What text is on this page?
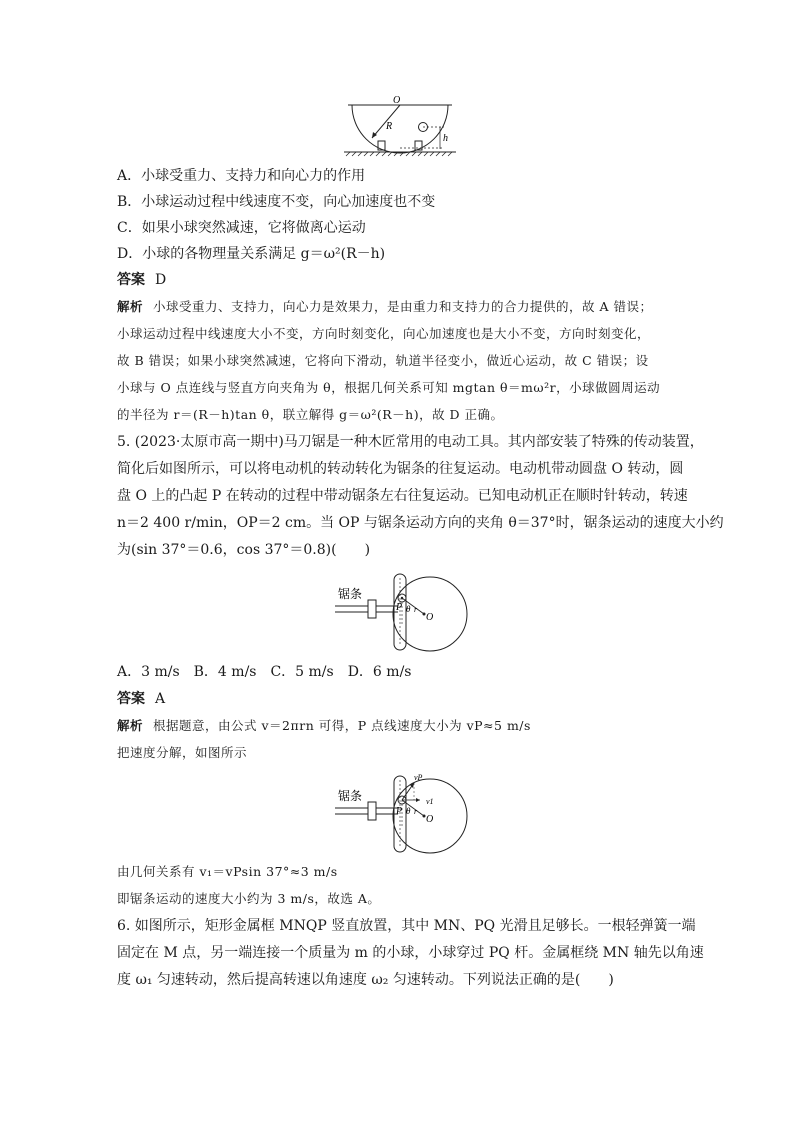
O
R
h
A．小球受重力、支持力和向心力的作用
B．小球运动过程中线速度不变，向心加速度也不变
C．如果小球突然减速，它将做离心运动
D．小球的各物理量关系满足 g＝ω²(R－h)
答案 D
解析 小球受重力、支持力，向心力是效果力，是由重力和支持力的合力提供的，故 A 错误；
小球运动过程中线速度大小不变，方向时刻变化，向心加速度也是大小不变，方向时刻变化，
故 B 错误；如果小球突然减速，它将向下滑动，轨道半径变小，做近心运动，故 C 错误；设
小球与 O 点连线与竖直方向夹角为 θ，根据几何关系可知 mgtan θ＝mω²r，小球做圆周运动
的半径为 r＝(R－h)tan θ，联立解得 g＝ω²(R－h)，故 D 正确。
5. (2023·太原市高一期中)马刀锯是一种木匠常用的电动工具。其内部安装了特殊的传动装置，
简化后如图所示，可以将电动机的转动转化为锯条的往复运动。电动机带动圆盘 O 转动，圆
盘 O 上的凸起 P 在转动的过程中带动锯条左右往复运动。已知电动机正在顺时针转动，转速
n＝2 400 r/min，OP＝2 cm。当 OP 与锯条运动方向的夹角 θ＝37°时，锯条运动的速度大小约
为(sin 37°＝0.6，cos 37°＝0.8)(　　)
锯条
P θ r
O
A．3 m/s　B．4 m/s　C．5 m/s　D．6 m/s
答案 A
解析 根据题意，由公式 v＝2πrn 可得，P 点线速度大小为 vP≈5 m/s
把速度分解，如图所示
锯条
vP
v1
P θ r
O
由几何关系有 v₁＝vPsin 37°≈3 m/s
即锯条运动的速度大小约为 3 m/s，故选 A。
6. 如图所示，矩形金属框 MNQP 竖直放置，其中 MN、PQ 光滑且足够长。一根轻弹簧一端
固定在 M 点，另一端连接一个质量为 m 的小球，小球穿过 PQ 杆。金属框绕 MN 轴先以角速
度 ω₁ 匀速转动，然后提高转速以角速度 ω₂ 匀速转动。下列说法正确的是(　　)
